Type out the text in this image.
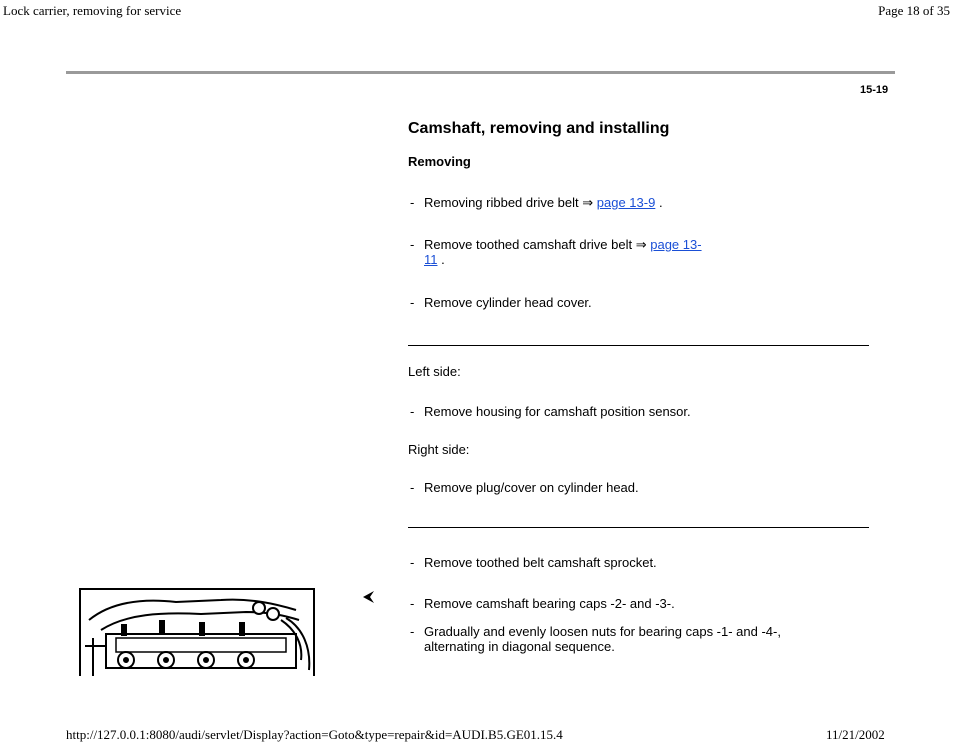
Lock carrier, removing for service	Page 18 of 35
15-19
Camshaft, removing and installing
Removing
- Removing ribbed drive belt ⇒ page 13-9 .
- Remove toothed camshaft drive belt ⇒ page 13-
11 .
- Remove cylinder head cover.
Left side:
- Remove housing for camshaft position sensor.
Right side:
- Remove plug/cover on cylinder head.
- Remove toothed belt camshaft sprocket.
- Remove camshaft bearing caps -2- and -3-.
- Gradually and evenly loosen nuts for bearing caps -1- and -4-,
alternating in diagonal sequence.
http://127.0.0.1:8080/audi/servlet/Display?action=Goto&type=repair&id=AUDI.B5.GE01.15.4	11/21/2002
